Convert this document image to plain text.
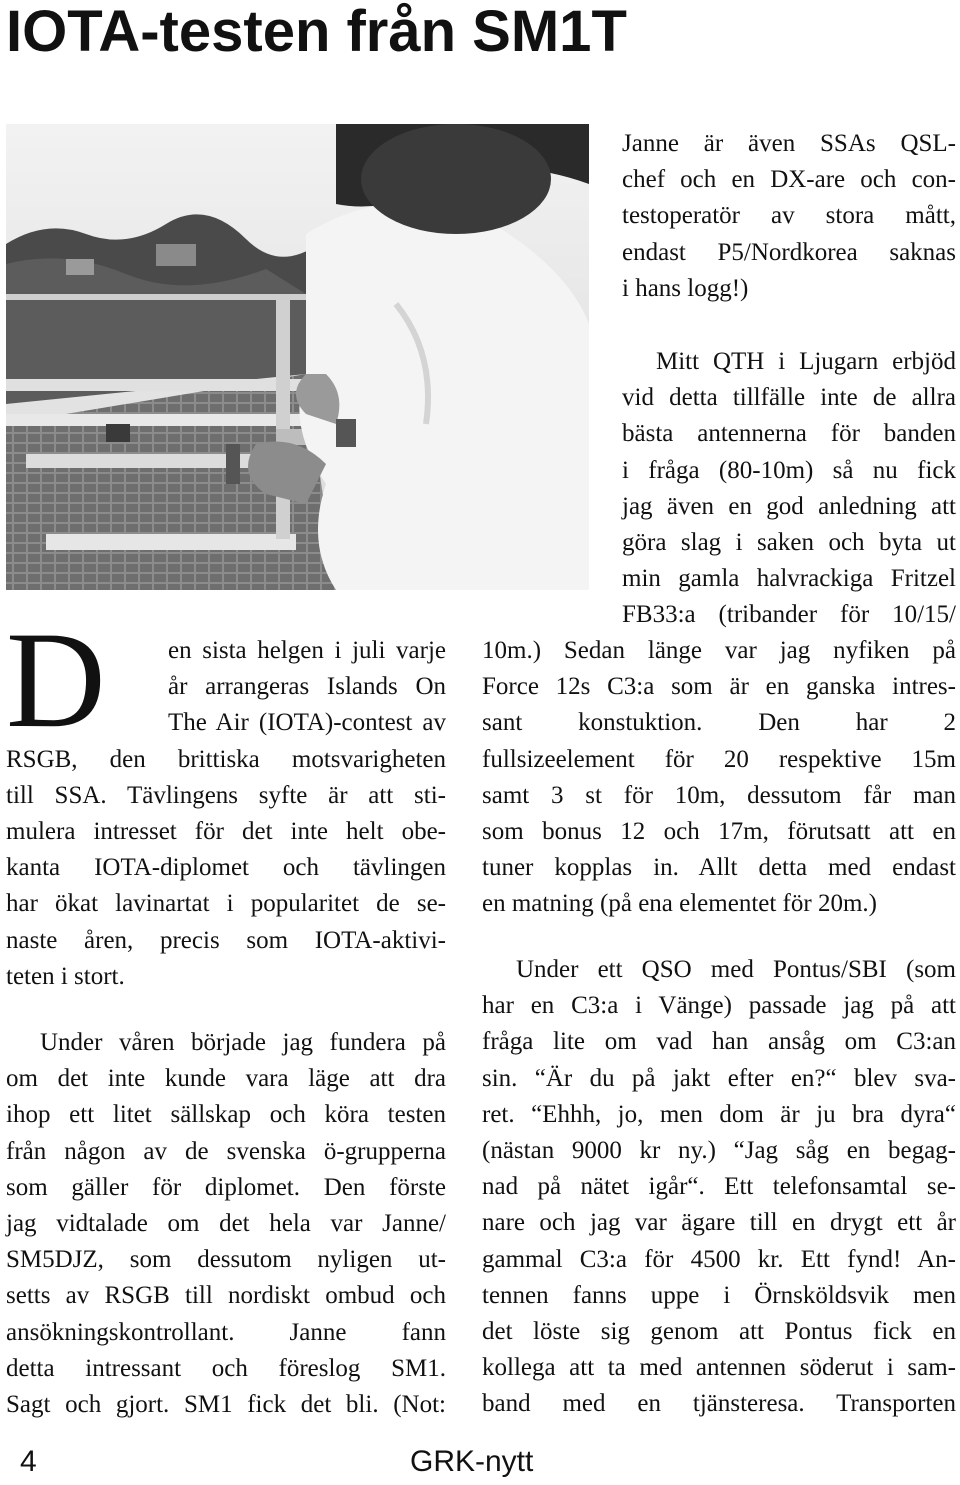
IOTA-testen från SM1T

Janne är även SSAs QSL-
chef och en DX-are och con-
testoperatör av stora mått,
endast P5/Nordkorea saknas
i hans logg!)

Mitt QTH i Ljugarn erbjöd
vid detta tillfälle inte de allra
bästa antennerna för banden
i fråga (80-10m) så nu fick
jag även en god anledning att
göra slag i saken och byta ut
min gamla halvrackiga Fritzel
FB33:a (tribander för 10/15/

10m.) Sedan länge var jag nyfiken på
Force 12s C3:a som är en ganska intres-
sant konstuktion. Den har 2
fullsizeelement för 20 respektive 15m
samt 3 st för 10m, dessutom får man
som bonus 12 och 17m, förutsatt att en
tuner kopplas in. Allt detta med endast
en matning (på ena elementet för 20m.)

Under ett QSO med Pontus/SBI (som
har en C3:a i Vänge) passade jag på att
fråga lite om vad han ansåg om C3:an
sin. “Är du på jakt efter en?“ blev sva-
ret. “Ehhh, jo, men dom är ju bra dyra“
(nästan 9000 kr ny.) “Jag såg en begag-
nad på nätet igår“. Ett telefonsamtal se-
nare och jag var ägare till en drygt ett år
gammal C3:a för 4500 kr. Ett fynd! An-
tennen fanns uppe i Örnsköldsvik men
det löste sig genom att Pontus fick en
kollega att ta med antennen söderut i sam-
band med en tjänsteresa. Transporten

D	en sista helgen i juli varje
år arrangeras Islands On
The Air (IOTA)-contest av
RSGB, den brittiska motsvarigheten
till SSA. Tävlingens syfte är att sti-
mulera intresset för det inte helt obe-
kanta IOTA-diplomet och tävlingen
har ökat lavinartat i popularitet de se-
naste åren, precis som IOTA-aktivi-
teten i stort.

Under våren började jag fundera på
om det inte kunde vara läge att dra
ihop ett litet sällskap och köra testen
från någon av de svenska ö-grupperna
som gäller för diplomet. Den förste
jag vidtalade om det hela var Janne/
SM5DJZ, som dessutom nyligen ut-
setts av RSGB till nordiskt ombud och
ansökningskontrollant. Janne fann
detta intressant och föreslog SM1.
Sagt och gjort. SM1 fick det bli. (Not:

4	GRK-nytt
